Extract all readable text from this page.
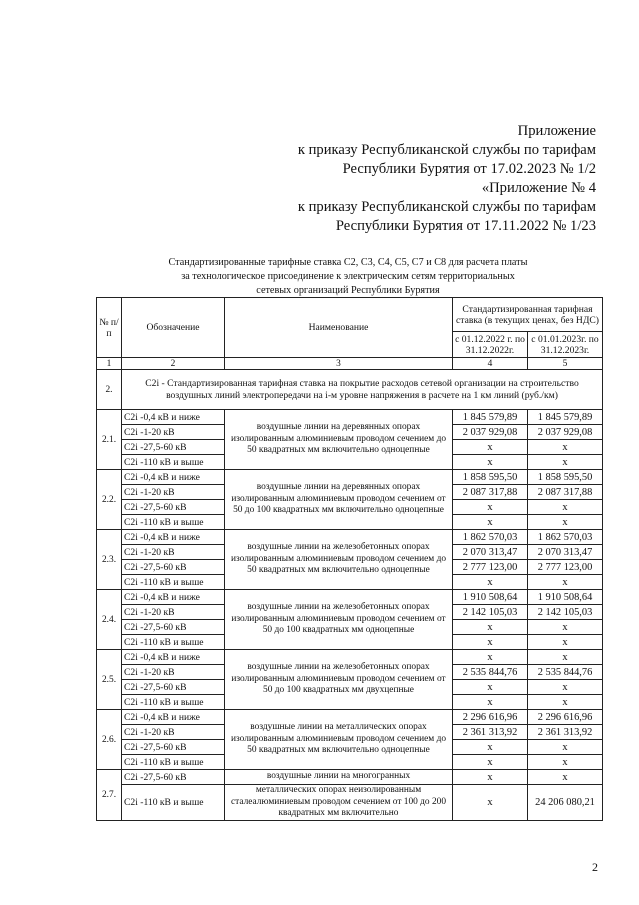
Приложение
к приказу Республиканской службы по тарифам
Республики Бурятия от 17.02.2023 № 1/2
«Приложение № 4
к приказу Республиканской службы по тарифам
Республики Бурятия от 17.11.2022 № 1/23
Стандартизированные тарифные ставка С2, С3, С4, С5, С7 и С8 для расчета платы
за технологическое присоединение к электрическим сетям территориальных
сетевых организаций Республики Бурятия
№ п/п	Обозначение	Наименование	Стандартизированная тарифная ставка (в текущих ценах, без НДС)	
			с 01.12.2022 г. по 31.12.2022г.	с 01.01.2023г. по 31.12.2023г.
1	2	3	4	5
2.	С2i - Стандартизированная тарифная ставка на покрытие расходов сетевой организации на строительство воздушных линий электропередачи на i-м уровне напряжения в расчете на 1 км линий (руб./км)			
2.1.	С2i -0,4 кВ и ниже	воздушные линии на деревянных опорах изолированным алюминиевым проводом сечением до 50 квадратных мм включительно одноцепные	1 845 579,89	1 845 579,89
	С2i -1-20 кВ		2 037 929,08	2 037 929,08
	С2i -27,5-60 кВ		х	х
	С2i -110 кВ и выше		х	х
2.2.	С2i -0,4 кВ и ниже	воздушные линии на деревянных опорах изолированным алюминиевым проводом сечением от 50 до 100 квадратных мм включительно одноцепные	1 858 595,50	1 858 595,50
	С2i -1-20 кВ		2 087 317,88	2 087 317,88
	С2i -27,5-60 кВ		х	х
	С2i -110 кВ и выше		х	х
2.3.	С2i -0,4 кВ и ниже	воздушные линии на железобетонных опорах изолированным алюминиевым проводом сечением до 50 квадратных мм включительно одноцепные	1 862 570,03	1 862 570,03
	С2i -1-20 кВ		2 070 313,47	2 070 313,47
	С2i -27,5-60 кВ		2 777 123,00	2 777 123,00
	С2i -110 кВ и выше		х	х
2.4.	С2i -0,4 кВ и ниже	воздушные линии на железобетонных опорах изолированным алюминиевым проводом сечением от 50 до 100 квадратных мм одноцепные	1 910 508,64	1 910 508,64
	С2i -1-20 кВ		2 142 105,03	2 142 105,03
	С2i -27,5-60 кВ		х	х
	С2i -110 кВ и выше		х	х
2.5.	С2i -0,4 кВ и ниже	воздушные линии на железобетонных опорах изолированным алюминиевым проводом сечением от 50 до 100 квадратных мм двухцепные	х	х
	С2i -1-20 кВ		2 535 844,76	2 535 844,76
	С2i -27,5-60 кВ		х	х
	С2i -110 кВ и выше		х	х
2.6.	С2i -0,4 кВ и ниже	воздушные линии на металлических опорах изолированным алюминиевым проводом сечением до 50 квадратных мм включительно одноцепные	2 296 616,96	2 296 616,96
	С2i -1-20 кВ		2 361 313,92	2 361 313,92
	С2i -27,5-60 кВ		х	х
	С2i -110 кВ и выше		х	х
2.7.	С2i -27,5-60 кВ	воздушные линии на многогранных	х	х
	С2i -110 кВ и выше	металлических опорах неизолированным сталеалюминиевым проводом сечением от 100 до 200 квадратных мм включительно	х	24 206 080,21
2
